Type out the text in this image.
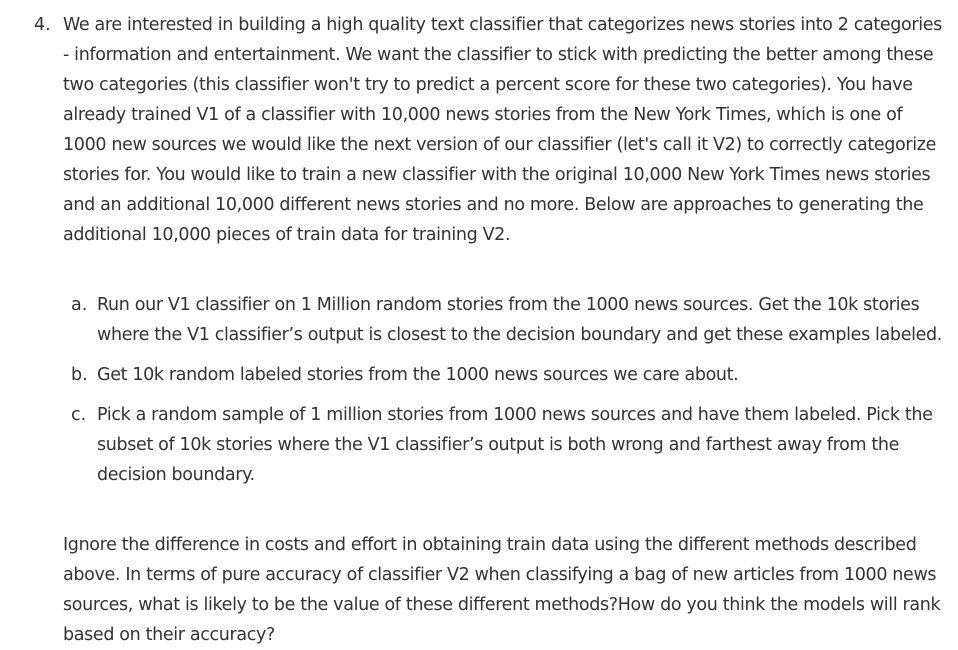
4. We are interested in building a high quality text classifier that categorizes news stories into 2 categories - information and entertainment. We want the classifier to stick with predicting the better among these two categories (this classifier won't try to predict a percent score for these two categories). You have already trained V1 of a classifier with 10,000 news stories from the New York Times, which is one of 1000 new sources we would like the next version of our classifier (let's call it V2) to correctly categorize stories for. You would like to train a new classifier with the original 10,000 New York Times news stories and an additional 10,000 different news stories and no more. Below are approaches to generating the additional 10,000 pieces of train data for training V2.
a. Run our V1 classifier on 1 Million random stories from the 1000 news sources. Get the 10k stories where the V1 classifier’s output is closest to the decision boundary and get these examples labeled.
b. Get 10k random labeled stories from the 1000 news sources we care about.
c. Pick a random sample of 1 million stories from 1000 news sources and have them labeled. Pick the subset of 10k stories where the V1 classifier’s output is both wrong and farthest away from the decision boundary.
Ignore the difference in costs and effort in obtaining train data using the different methods described above. In terms of pure accuracy of classifier V2 when classifying a bag of new articles from 1000 news sources, what is likely to be the value of these different methods?How do you think the models will rank based on their accuracy?
